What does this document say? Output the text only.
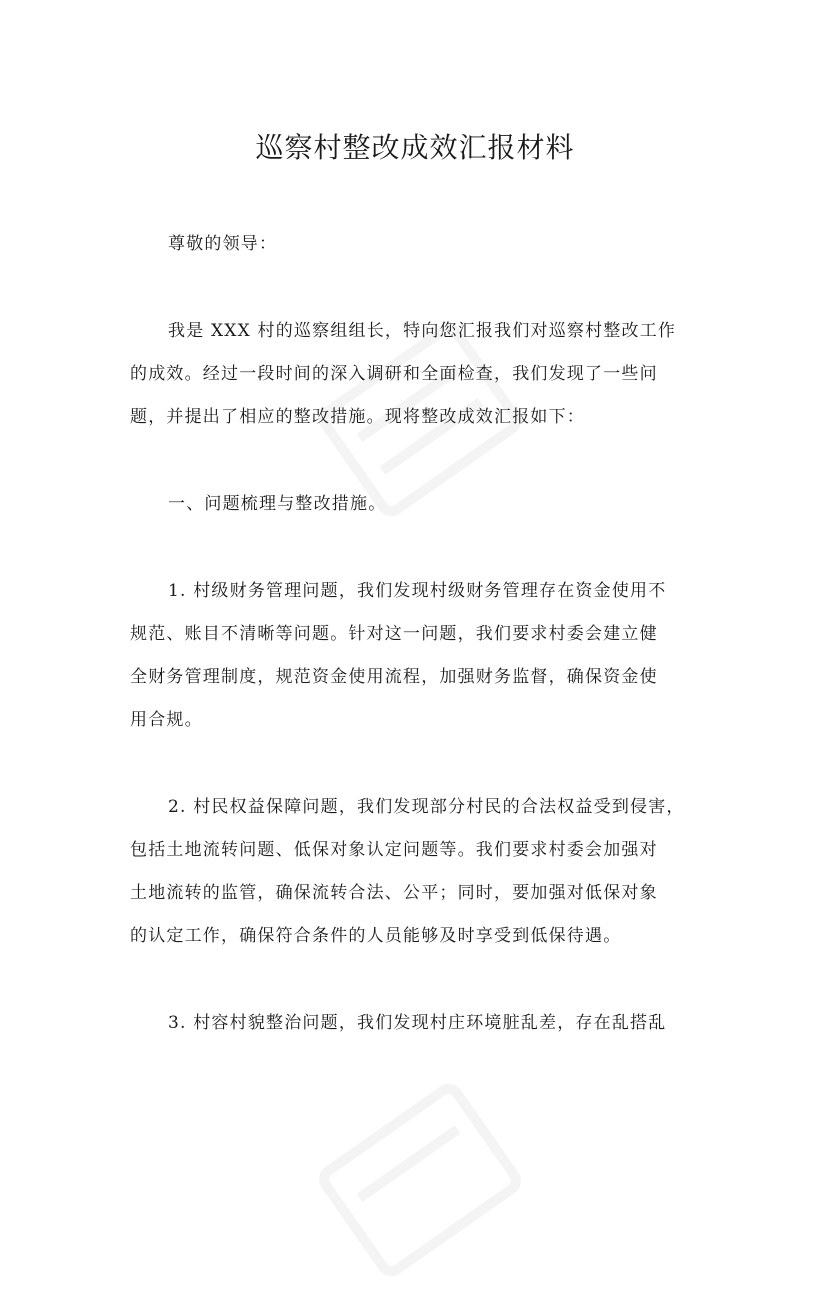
巡察村整改成效汇报材料
尊敬的领导：
我是 XXX 村的巡察组组长，特向您汇报我们对巡察村整改工作
的成效。经过一段时间的深入调研和全面检查，我们发现了一些问
题，并提出了相应的整改措施。现将整改成效汇报如下：
一、问题梳理与整改措施。
1. 村级财务管理问题，我们发现村级财务管理存在资金使用不
规范、账目不清晰等问题。针对这一问题，我们要求村委会建立健
全财务管理制度，规范资金使用流程，加强财务监督，确保资金使
用合规。
2. 村民权益保障问题，我们发现部分村民的合法权益受到侵害，
包括土地流转问题、低保对象认定问题等。我们要求村委会加强对
土地流转的监管，确保流转合法、公平；同时，要加强对低保对象
的认定工作，确保符合条件的人员能够及时享受到低保待遇。
3. 村容村貌整治问题，我们发现村庄环境脏乱差，存在乱搭乱
